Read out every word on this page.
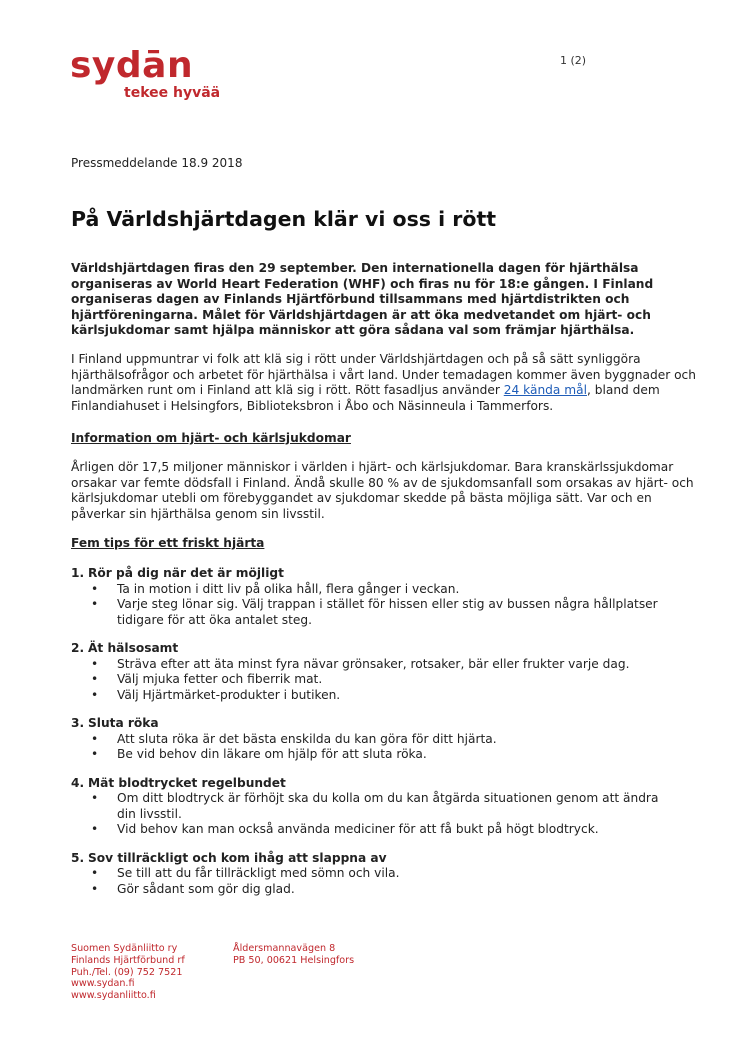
sydān
tekee hyvää
1 (2)
Pressmeddelande 18.9 2018
På Världshjärtdagen klär vi oss i rött

Världshjärtdagen firas den 29 september. Den internationella dagen för hjärthälsa organiseras av World Heart Federation (WHF) och firas nu för 18:e gången. I Finland organiseras dagen av Finlands Hjärtförbund tillsammans med hjärtdistrikten och hjärtföreningarna. Målet för Världshjärtdagen är att öka medvetandet om hjärt- och kärlsjukdomar samt hjälpa människor att göra sådana val som främjar hjärthälsa.

I Finland uppmuntrar vi folk att klä sig i rött under Världshjärtdagen och på så sätt synliggöra hjärthälsofrågor och arbetet för hjärthälsa i vårt land. Under temadagen kommer även byggnader och landmärken runt om i Finland att klä sig i rött. Rött fasadljus använder 24 kända mål, bland dem Finlandiahuset i Helsingfors, Biblioteksbron i Åbo och Näsinneula i Tammerfors.

Information om hjärt- och kärlsjukdomar

Årligen dör 17,5 miljoner människor i världen i hjärt- och kärlsjukdomar. Bara kranskärlssjukdomar orsakar var femte dödsfall i Finland. Ändå skulle 80 % av de sjukdomsanfall som orsakas av hjärt- och kärlsjukdomar utebli om förebyggandet av sjukdomar skedde på bästa möjliga sätt. Var och en påverkar sin hjärthälsa genom sin livsstil.

Fem tips för ett friskt hjärta
1. Rör på dig när det är möjligt
• Ta in motion i ditt liv på olika håll, flera gånger i veckan.
• Varje steg lönar sig. Välj trappan i stället för hissen eller stig av bussen några hållplatser tidigare för att öka antalet steg.
2. Ät hälsosamt
• Sträva efter att äta minst fyra nävar grönsaker, rotsaker, bär eller frukter varje dag.
• Välj mjuka fetter och fiberrik mat.
• Välj Hjärtmärket-produkter i butiken.
3. Sluta röka
• Att sluta röka är det bästa enskilda du kan göra för ditt hjärta.
• Be vid behov din läkare om hjälp för att sluta röka.
4. Mät blodtrycket regelbundet
• Om ditt blodtryck är förhöjt ska du kolla om du kan åtgärda situationen genom att ändra din livsstil.
• Vid behov kan man också använda mediciner för att få bukt på högt blodtryck.
5. Sov tillräckligt och kom ihåg att slappna av
• Se till att du får tillräckligt med sömn och vila.
• Gör sådant som gör dig glad.
Suomen Sydänliitto ry
Finlands Hjärtförbund rf
Puh./Tel. (09) 752 7521
www.sydan.fi
www.sydanliitto.fi
Åldersmannavägen 8
PB 50, 00621 Helsingfors
